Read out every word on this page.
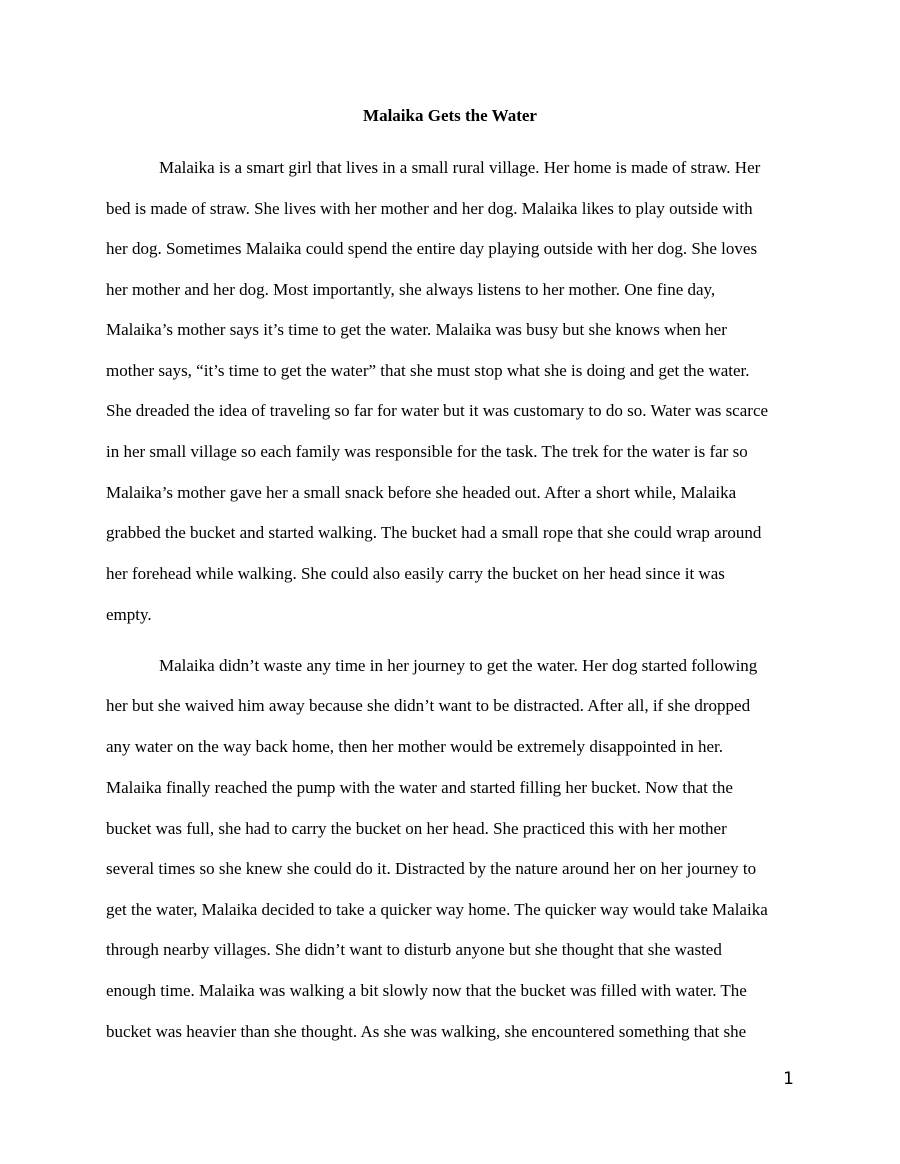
Malaika Gets the Water
Malaika is a smart girl that lives in a small rural village. Her home is made of straw. Her
bed is made of straw. She lives with her mother and her dog. Malaika likes to play outside with
her dog. Sometimes Malaika could spend the entire day playing outside with her dog. She loves
her mother and her dog. Most importantly, she always listens to her mother. One fine day,
Malaika’s mother says it’s time to get the water. Malaika was busy but she knows when her
mother says, “it’s time to get the water” that she must stop what she is doing and get the water.
She dreaded the idea of traveling so far for water but it was customary to do so. Water was scarce
in her small village so each family was responsible for the task. The trek for the water is far so
Malaika’s mother gave her a small snack before she headed out. After a short while, Malaika
grabbed the bucket and started walking. The bucket had a small rope that she could wrap around
her forehead while walking. She could also easily carry the bucket on her head since it was
empty.
Malaika didn’t waste any time in her journey to get the water. Her dog started following
her but she waived him away because she didn’t want to be distracted. After all, if she dropped
any water on the way back home, then her mother would be extremely disappointed in her.
Malaika finally reached the pump with the water and started filling her bucket. Now that the
bucket was full, she had to carry the bucket on her head. She practiced this with her mother
several times so she knew she could do it. Distracted by the nature around her on her journey to
get the water, Malaika decided to take a quicker way home. The quicker way would take Malaika
through nearby villages. She didn’t want to disturb anyone but she thought that she wasted
enough time. Malaika was walking a bit slowly now that the bucket was filled with water. The
bucket was heavier than she thought. As she was walking, she encountered something that she
1
